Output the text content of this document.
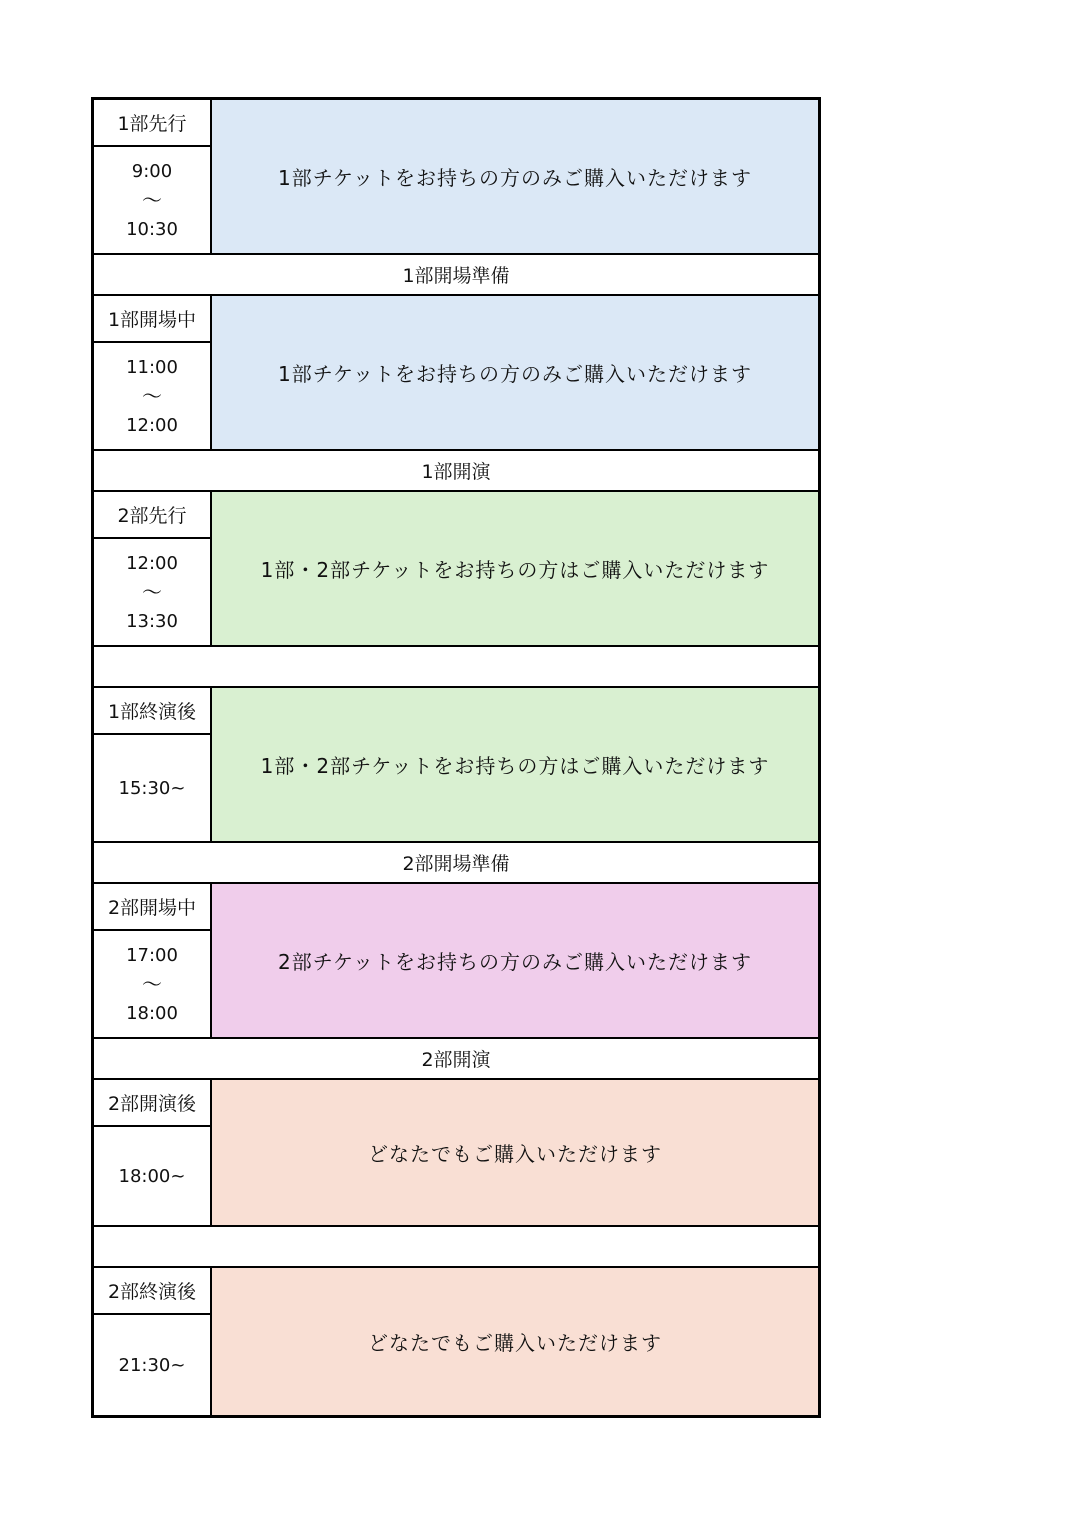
1部先行
9:00
〜
10:30
1部チケットをお持ちの方のみご購入いただけます
1部開場準備
1部開場中
11:00
〜
12:00
1部チケットをお持ちの方のみご購入いただけます
1部開演
2部先行
12:00
〜
13:30
1部・2部チケットをお持ちの方はご購入いただけます
1部終演後
15:30~
1部・2部チケットをお持ちの方はご購入いただけます
2部開場準備
2部開場中
17:00
〜
18:00
2部チケットをお持ちの方のみご購入いただけます
2部開演
2部開演後
18:00~
どなたでもご購入いただけます
2部終演後
21:30~
どなたでもご購入いただけます
